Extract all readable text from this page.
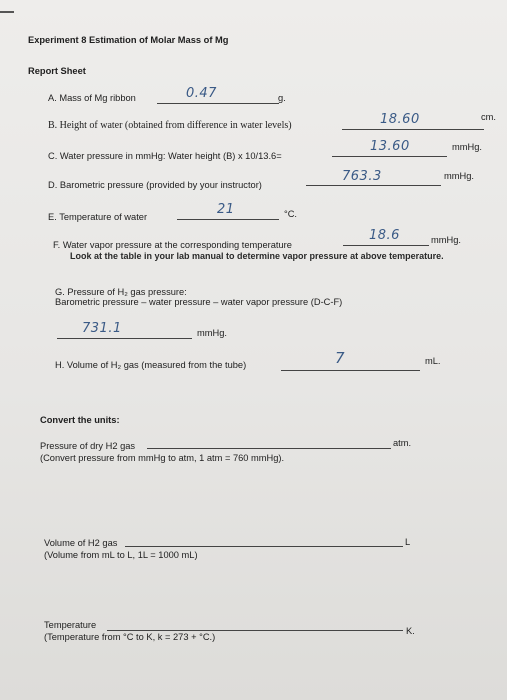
Experiment 8 Estimation of Molar Mass of Mg
Report Sheet
A. Mass of Mg ribbon	0.47	g.
B. Height of water (obtained from difference in water levels)	18.60	cm.
C. Water pressure in mmHg: Water height (B) x 10/13.6=
13.60	mmHg.
D. Barometric pressure (provided by your instructor)
763.3	mmHg.
E. Temperature of water	21	°C.
F. Water vapor pressure at the corresponding temperature
18.6	mmHg.
Look at the table in your lab manual to determine vapor pressure at above temperature.
G. Pressure of H₂ gas pressure:
Barometric pressure – water pressure – water vapor pressure (D-C-F)
731.1	mmHg.
H. Volume of H₂ gas (measured from the tube)	7	mL.
Convert the units:
Pressure of dry H2 gas	atm.
(Convert pressure from mmHg to atm, 1 atm = 760 mmHg).
Volume of H2 gas	L
(Volume from mL to L, 1L = 1000 mL)
Temperature
K.
(Temperature from °C to K, k = 273 + °C.)
